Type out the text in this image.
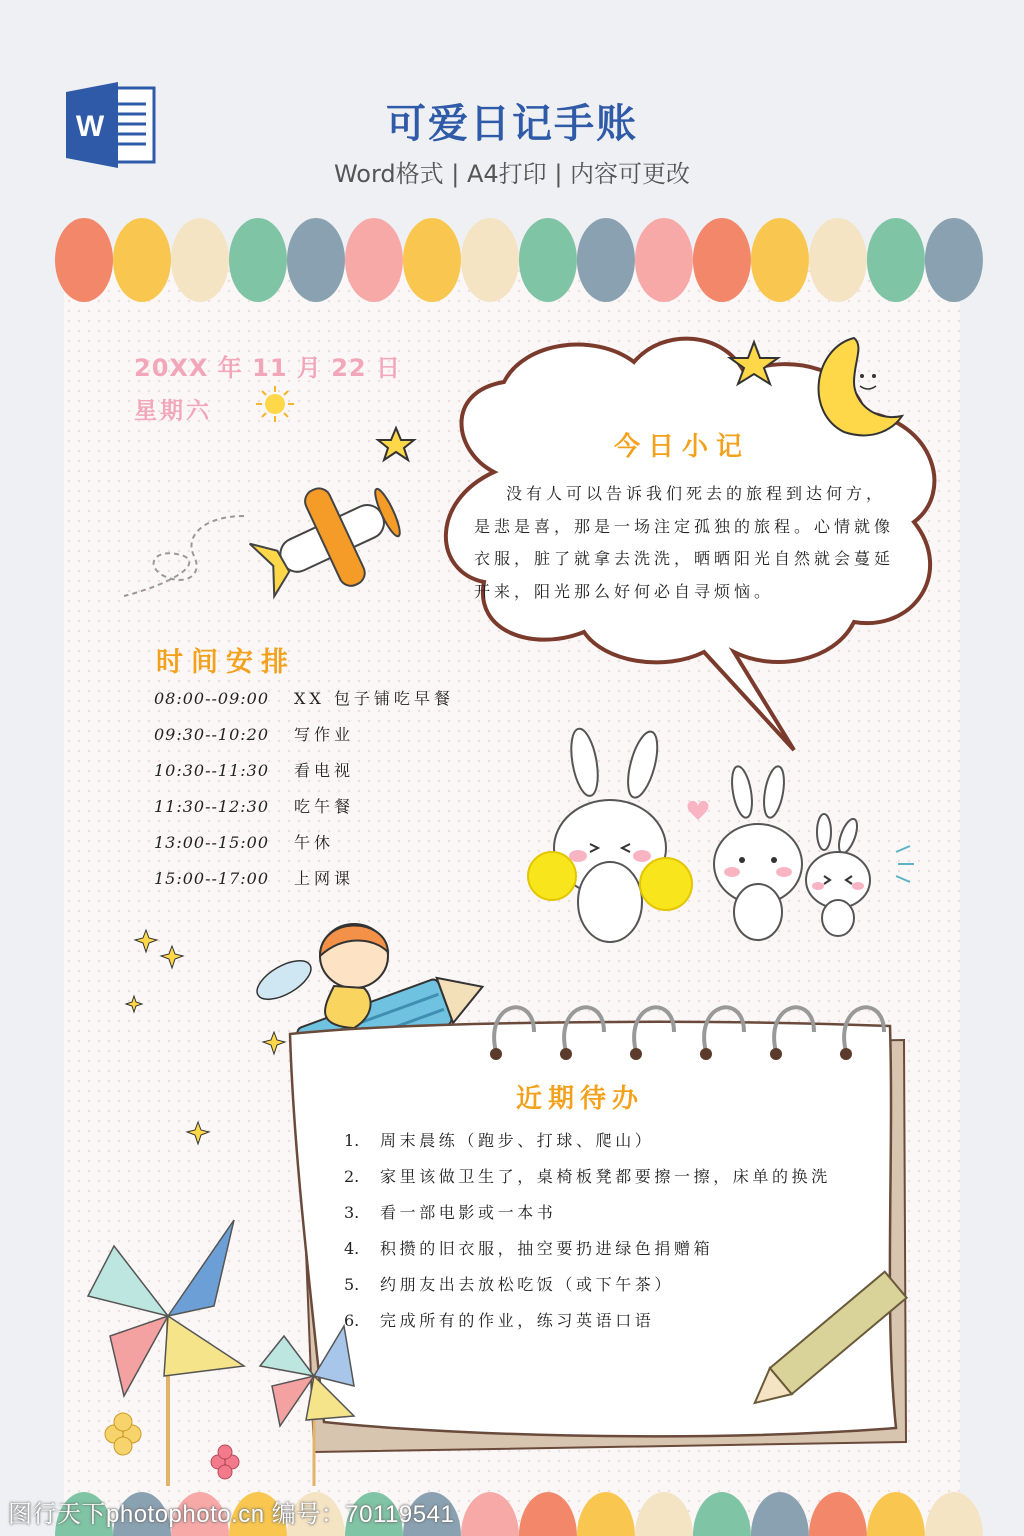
W	可爱日记手账
Word格式 | A4打印 | 内容可更改
20XX 年 11 月 22 日
星期六
今日小记
没有人可以告诉我们死去的旅程到达何方，是悲是喜，那是一场注定孤独的旅程。心情就像衣服，脏了就拿去洗洗，晒晒阳光自然就会蔓延开来，阳光那么好何必自寻烦恼。
时间安排
08:00--09:00 XX 包子铺吃早餐
09:30--10:20 写作业
10:30--11:30 看电视
11:30--12:30 吃午餐
13:00--15:00 午休
15:00--17:00 上网课
近期待办
1. 周末晨练（跑步、打球、爬山）
2. 家里该做卫生了，桌椅板凳都要擦一擦，床单的换洗
3. 看一部电影或一本书
4. 积攒的旧衣服，抽空要扔进绿色捐赠箱
5. 约朋友出去放松吃饭（或下午茶）
6. 完成所有的作业，练习英语口语
图行天下photophoto.cn 编号：70119541
